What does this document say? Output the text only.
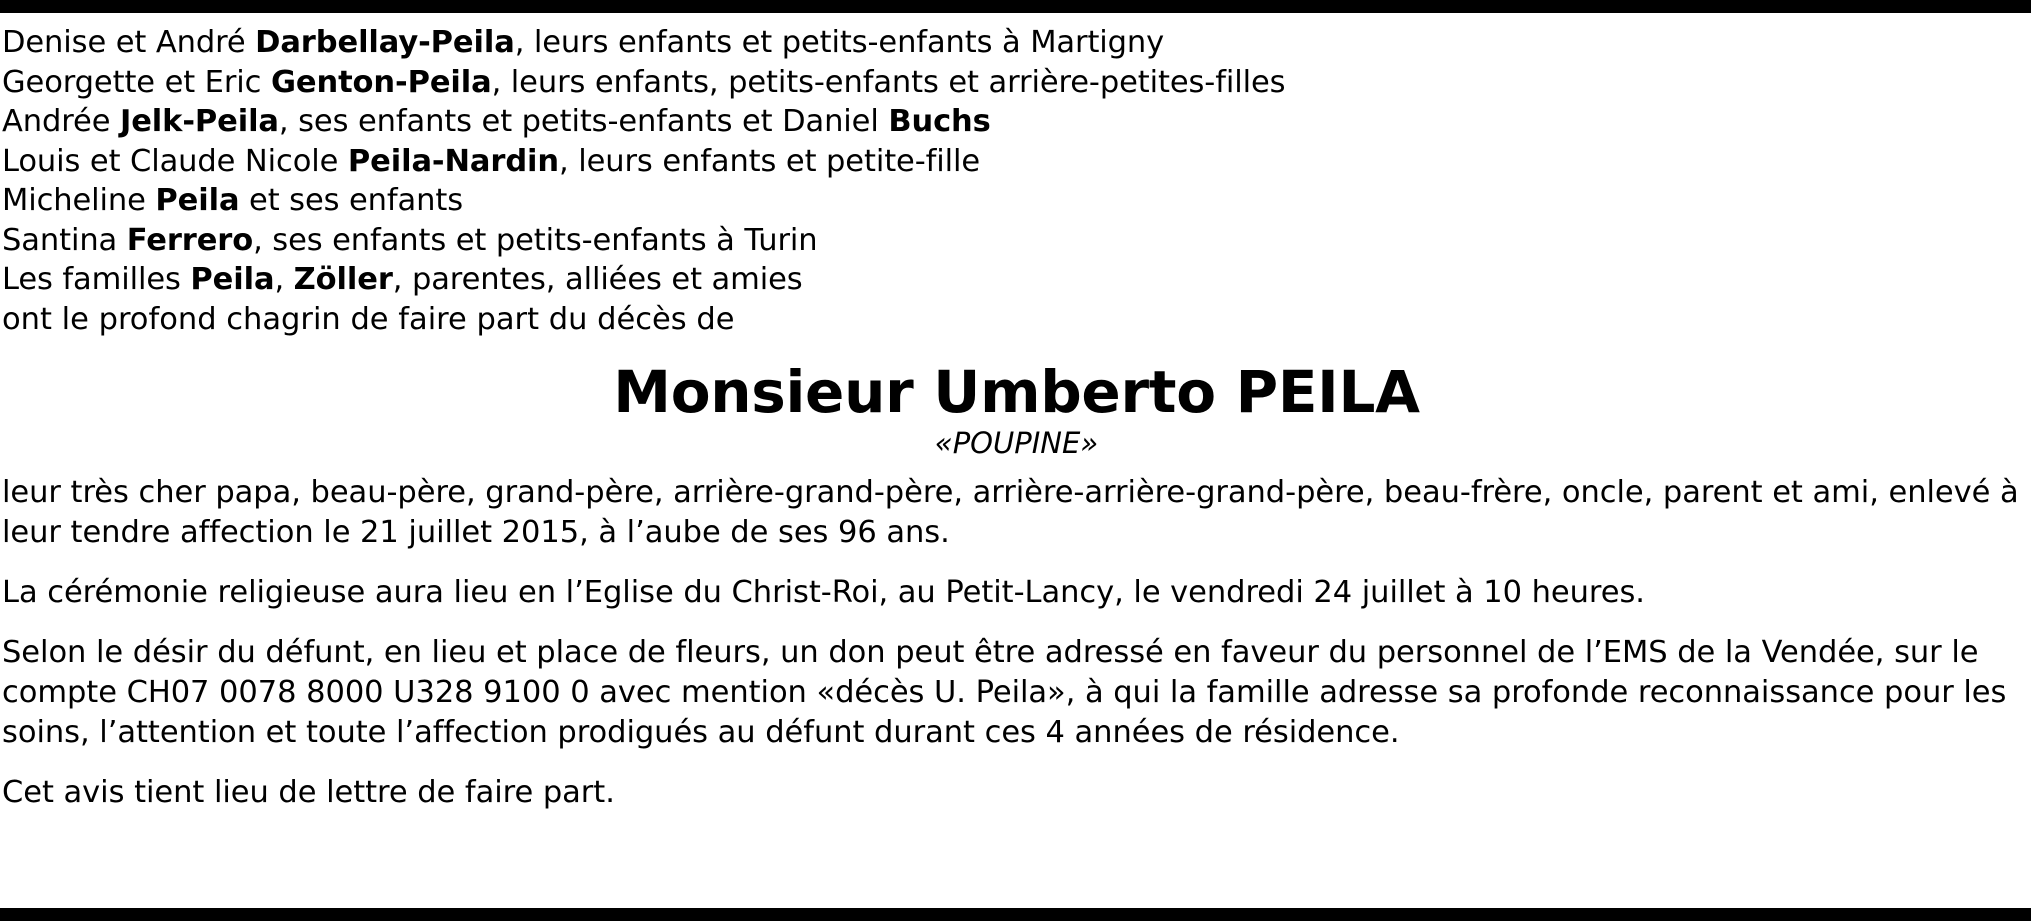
Denise et André Darbellay-Peila, leurs enfants et petits-enfants à Martigny
Georgette et Eric Genton-Peila, leurs enfants, petits-enfants et arrière-petites-filles
Andrée Jelk-Peila, ses enfants et petits-enfants et Daniel Buchs
Louis et Claude Nicole Peila-Nardin, leurs enfants et petite-fille
Micheline Peila et ses enfants
Santina Ferrero, ses enfants et petits-enfants à Turin
Les familles Peila, Zöller, parentes, alliées et amies
ont le profond chagrin de faire part du décès de
Monsieur Umberto PEILA
«POUPINE»
leur très cher papa, beau-père, grand-père, arrière-grand-père, arrière-arrière-grand-père, beau-frère, oncle, parent et ami, enlevé à leur tendre affection le 21 juillet 2015, à l’aube de ses 96 ans.
La cérémonie religieuse aura lieu en l’Eglise du Christ-Roi, au Petit-Lancy, le vendredi 24 juillet à 10 heures.
Selon le désir du défunt, en lieu et place de fleurs, un don peut être adressé en faveur du personnel de l’EMS de la Vendée, sur le compte CH07 0078 8000 U328 9100 0 avec mention «décès U. Peila», à qui la famille adresse sa profonde reconnaissance pour les soins, l’attention et toute l’affection prodigués au défunt durant ces 4 années de résidence.
Cet avis tient lieu de lettre de faire part.
